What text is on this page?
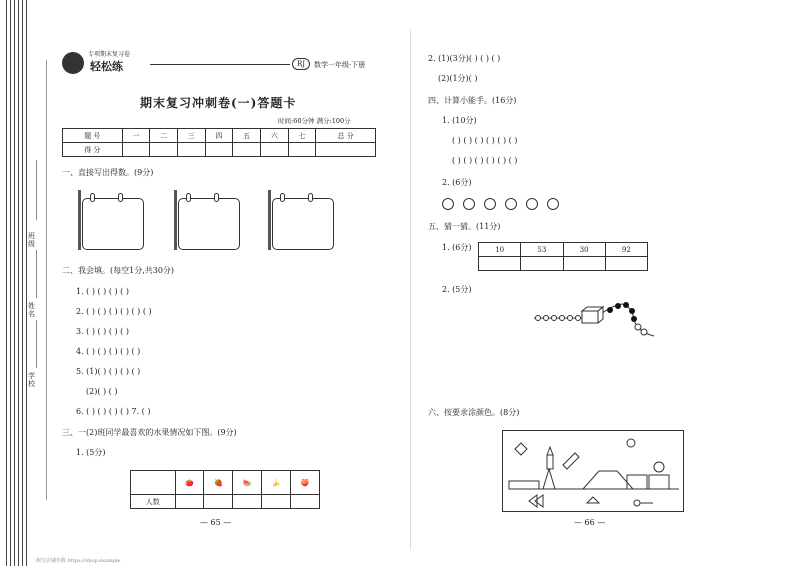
班级
姓名
学校
专项期末复习卷
轻松练	RJ	数学一年级·下册
期末复习冲刺卷(一)答题卡
时间:60分钟 满分:100分
题 号	一	二	三	四	五	六	七	总 分
得 分								
一、直接写出得数。(9分)
二、我会填。(每空1分,共30分)
1. ( ) ( ) ( ) ( )
2. ( ) ( ) ( ) ( ) ( ) ( )
3. ( ) ( ) ( ) ( )
4. ( ) ( ) ( ) ( ) ( )
5. (1)( ) ( ) ( ) ( )
(2)( ) ( )
6. ( ) ( ) ( ) ( ) 7. ( )
三、一(2)班同学最喜欢的水果情况如下图。(9分)
1. (5分)
	🍅	🍓	🍉	🍌	🍑
人数					
— 65 —
2. (1)(3分)( ) ( ) ( )
(2)(1分)( )
四、计算小能手。(16分)
1. (10分)
( ) ( ) ( ) ( ) ( ) ( )
( ) ( ) ( ) ( ) ( ) ( )
2. (6分)
五、猜一猜。(11分)
1. (6分)	10	53	30	92

2. (5分)
六、按要求涂颜色。(8分)
— 66 —
淘宝店铺名称 https://shop.example
